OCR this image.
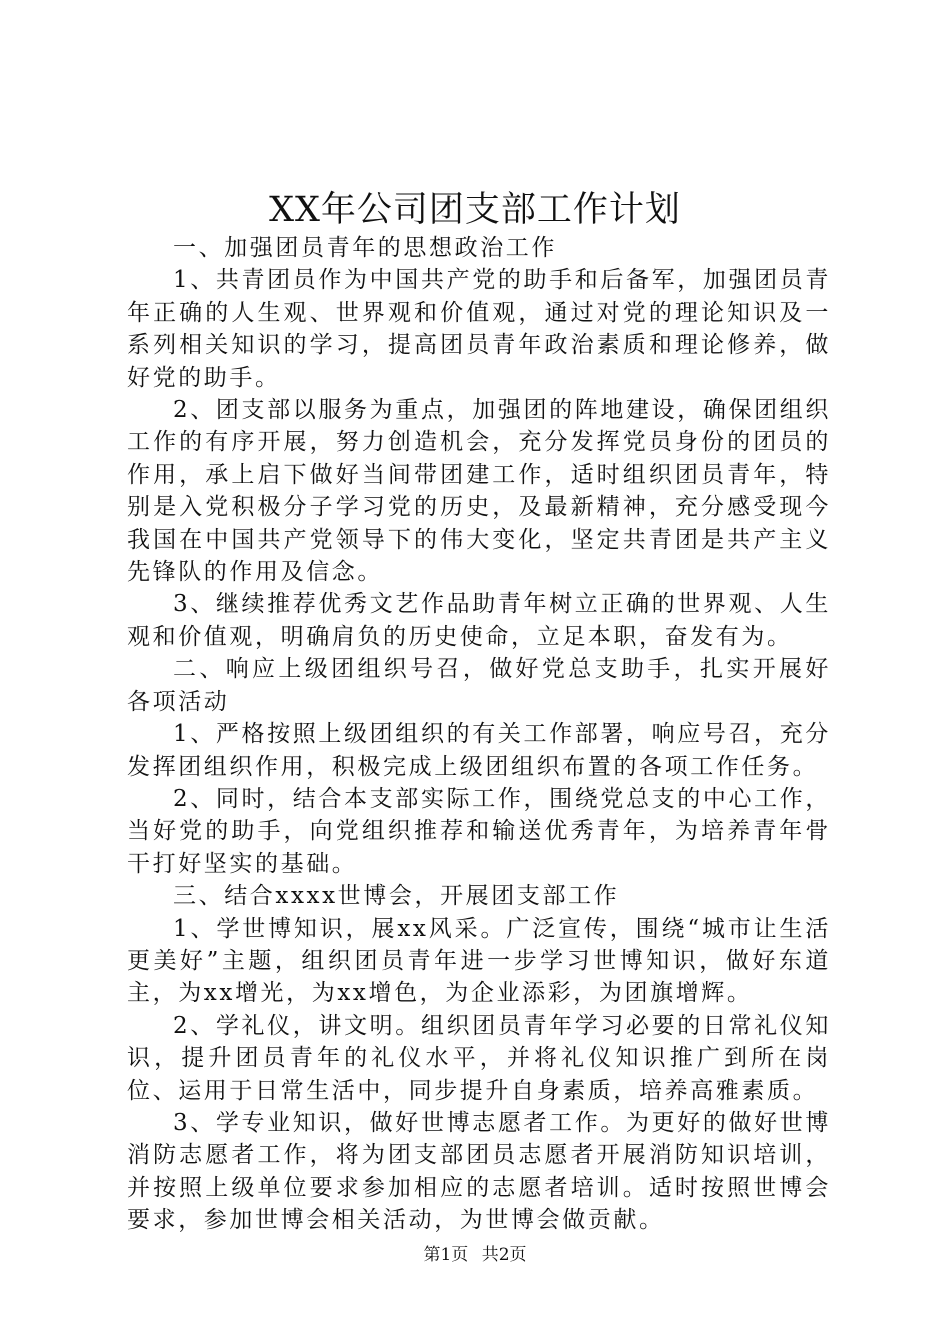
XX年公司团支部工作计划

一、加强团员青年的思想政治工作

1、共青团员作为中国共产党的助手和后备军，加强团员青年正确的人生观、世界观和价值观，通过对党的理论知识及一系列相关知识的学习，提高团员青年政治素质和理论修养，做好党的助手。

2、团支部以服务为重点，加强团的阵地建设，确保团组织工作的有序开展，努力创造机会，充分发挥党员身份的团员的作用，承上启下做好当间带团建工作，适时组织团员青年，特别是入党积极分子学习党的历史，及最新精神，充分感受现今我国在中国共产党领导下的伟大变化，坚定共青团是共产主义先锋队的作用及信念。

3、继续推荐优秀文艺作品助青年树立正确的世界观、人生观和价值观，明确肩负的历史使命，立足本职，奋发有为。

二、响应上级团组织号召，做好党总支助手，扎实开展好各项活动

1、严格按照上级团组织的有关工作部署，响应号召，充分发挥团组织作用，积极完成上级团组织布置的各项工作任务。

2、同时，结合本支部实际工作，围绕党总支的中心工作，当好党的助手，向党组织推荐和输送优秀青年，为培养青年骨干打好坚实的基础。

三、结合xxxx世博会，开展团支部工作

1、学世博知识，展xx风采。广泛宣传，围绕“城市让生活更美好”主题，组织团员青年进一步学习世博知识，做好东道主，为xx增光，为xx增色，为企业添彩，为团旗增辉。

2、学礼仪，讲文明。组织团员青年学习必要的日常礼仪知识，提升团员青年的礼仪水平，并将礼仪知识推广到所在岗位、运用于日常生活中，同步提升自身素质，培养高雅素质。

3、学专业知识，做好世博志愿者工作。为更好的做好世博消防志愿者工作，将为团支部团员志愿者开展消防知识培训，并按照上级单位要求参加相应的志愿者培训。适时按照世博会要求，参加世博会相关活动，为世博会做贡献。

第1页 共2页
